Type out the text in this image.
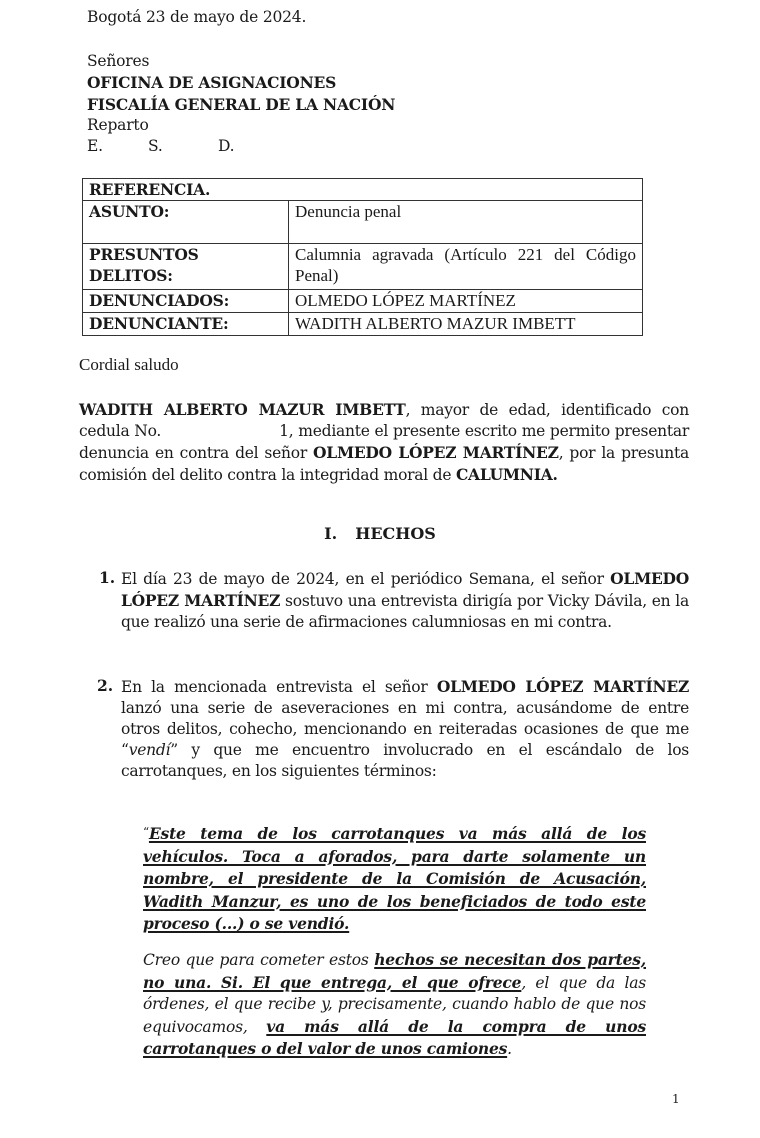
Bogotá 23 de mayo de 2024.
Señores
OFICINA DE ASIGNACIONES
FISCALÍA GENERAL DE LA NACIÓN
Reparto
E.	S.	D.
REFERENCIA.	
ASUNTO:	Denuncia penal
PRESUNTOS
DELITOS:	Calumnia agravada (Artículo 221 del Código Penal)
DENUNCIADOS:	OLMEDO LÓPEZ MARTÍNEZ
DENUNCIANTE:	WADITH ALBERTO MAZUR IMBETT
Cordial saludo
WADITH ALBERTO MAZUR IMBETT, mayor de edad, identificado con cedula No.	1, mediante el presente escrito me permito presentar denuncia en contra del señor OLMEDO LÓPEZ MARTÍNEZ, por la presunta comisión del delito contra la integridad moral de CALUMNIA.
I. HECHOS
1. El día 23 de mayo de 2024, en el periódico Semana, el señor OLMEDO LÓPEZ MARTÍNEZ sostuvo una entrevista dirigía por Vicky Dávila, en la que realizó una serie de afirmaciones calumniosas en mi contra.
2. En la mencionada entrevista el señor OLMEDO LÓPEZ MARTÍNEZ lanzó una serie de aseveraciones en mi contra, acusándome de entre otros delitos, cohecho, mencionando en reiteradas ocasiones de que me “vendí” y que me encuentro involucrado en el escándalo de los carrotanques, en los siguientes términos:
“Este tema de los carrotanques va más allá de los vehículos. Toca a aforados, para darte solamente un nombre, el presidente de la Comisión de Acusación, Wadith Manzur, es uno de los beneficiados de todo este proceso (...) o se vendió.
Creo que para cometer estos hechos se necesitan dos partes, no una. Si. El que entrega, el que ofrece, el que da las órdenes, el que recibe y, precisamente, cuando hablo de que nos equivocamos, va más allá de la compra de unos carrotanques o del valor de unos camiones.
1
